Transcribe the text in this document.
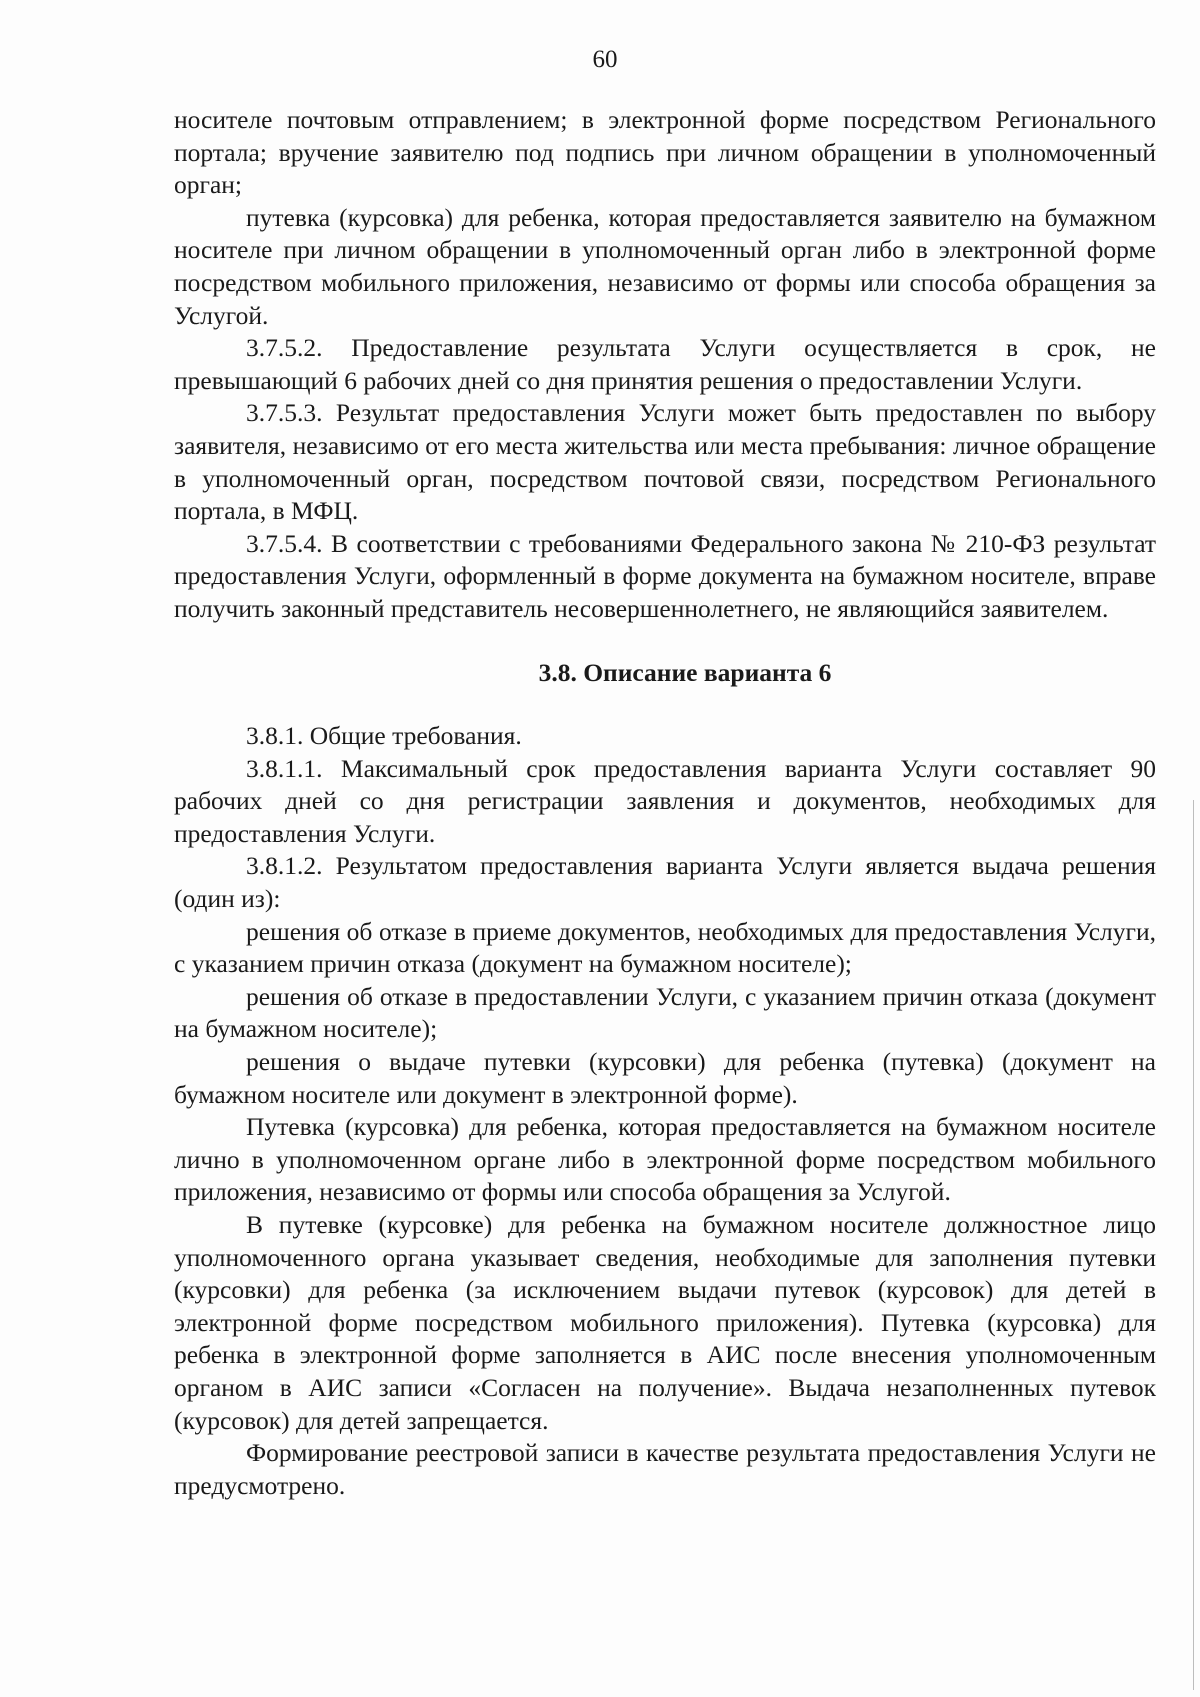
60

носителе почтовым отправлением; в электронной форме посредством Регионального портала; вручение заявителю под подпись при личном обращении в уполномоченный орган;

путевка (курсовка) для ребенка, которая предоставляется заявителю на бумажном носителе при личном обращении в уполномоченный орган либо в электронной форме посредством мобильного приложения, независимо от формы или способа обращения за Услугой.

3.7.5.2. Предоставление результата Услуги осуществляется в срок, не превышающий 6 рабочих дней со дня принятия решения о предоставлении Услуги.

3.7.5.3. Результат предоставления Услуги может быть предоставлен по выбору заявителя, независимо от его места жительства или места пребывания: личное обращение в уполномоченный орган, посредством почтовой связи, посредством Регионального портала, в МФЦ.

3.7.5.4. В соответствии с требованиями Федерального закона № 210-ФЗ результат предоставления Услуги, оформленный в форме документа на бумажном носителе, вправе получить законный представитель несовершеннолетнего, не являющийся заявителем.

3.8. Описание варианта 6

3.8.1. Общие требования.

3.8.1.1. Максимальный срок предоставления варианта Услуги составляет 90 рабочих дней со дня регистрации заявления и документов, необходимых для предоставления Услуги.

3.8.1.2. Результатом предоставления варианта Услуги является выдача решения (один из):

решения об отказе в приеме документов, необходимых для предоставления Услуги, с указанием причин отказа (документ на бумажном носителе);

решения об отказе в предоставлении Услуги, с указанием причин отказа (документ на бумажном носителе);

решения о выдаче путевки (курсовки) для ребенка (путевка) (документ на бумажном носителе или документ в электронной форме).

Путевка (курсовка) для ребенка, которая предоставляется на бумажном носителе лично в уполномоченном органе либо в электронной форме посредством мобильного приложения, независимо от формы или способа обращения за Услугой.

В путевке (курсовке) для ребенка на бумажном носителе должностное лицо уполномоченного органа указывает сведения, необходимые для заполнения путевки (курсовки) для ребенка (за исключением выдачи путевок (курсовок) для детей в электронной форме посредством мобильного приложения). Путевка (курсовка) для ребенка в электронной форме заполняется в АИС после внесения уполномоченным органом в АИС записи «Согласен на получение». Выдача незаполненных путевок (курсовок) для детей запрещается.

Формирование реестровой записи в качестве результата предоставления Услуги не предусмотрено.
